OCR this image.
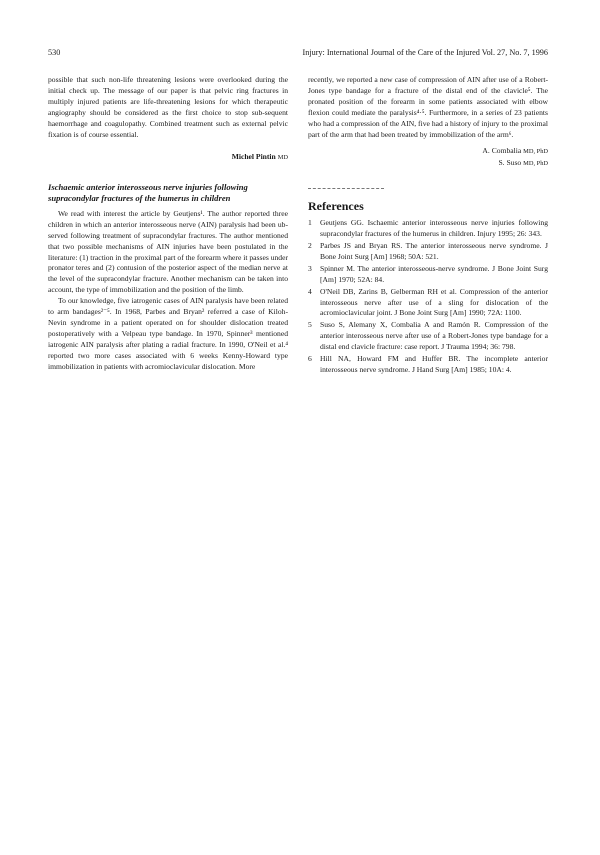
530	Injury: International Journal of the Care of the Injured Vol. 27, No. 7, 1996

possible that such non-life threatening lesions were overlooked during the initial check up. The message of our paper is that pelvic ring fractures in multiply injured patients are life-threatening lesions for which therapeutic angiography should be considered as the first choice to stop sub-sequent haemorrhage and coagulopathy. Combined treatment such as external pelvic fixation is of course essential.

Michel Pintin MD
Ischaemic anterior interosseous nerve injuries following supracondylar fractures of the humerus in children

We read with interest the article by Geutjens¹. The author reported three children in which an anterior interosseous nerve (AIN) paralysis had been ub-served following treatment of supracondylar fractures. The author mentioned that two possible mechanisms of AIN injuries have been postulated in the literature: (1) traction in the proximal part of the forearm where it passes under pronator teres and (2) contusion of the posterior aspect of the median nerve at the level of the supracondylar fracture. Another mechanism can be taken into account, the type of immobilization and the position of the limb.

To our knowledge, five iatrogenic cases of AIN paralysis have been related to arm bandages²⁻⁵. In 1968, Parbes and Bryan² referred a case of Kiloh-Nevin syndrome in a patient operated on for shoulder dislocation treated postoperatively with a Velpeau type bandage. In 1970, Spinner³ mentioned iatrogenic AIN paralysis after plating a radial fracture. In 1990, O'Neil et al.⁴ reported two more cases associated with 6 weeks Kenny-Howard type immobilization in patients with acromioclavicular dislocation. More

recently, we reported a new case of compression of AIN after use of a Robert-Jones type bandage for a fracture of the distal end of the clavicle⁵. The pronated position of the forearm in some patients associated with elbow flexion could mediate the paralysis⁴·⁵. Furthermore, in a series of 23 patients who had a compression of the AIN, five had a history of injury to the proximal part of the arm that had been treated by immobilization of the arm⁶.

A. Combalia MD, PhD
S. Suso MD, PhD
References
1 Geutjens GG. Ischaemic anterior interosseous nerve injuries following supracondylar fractures of the humerus in children. Injury 1995; 26: 343.
2 Parbes JS and Bryan RS. The anterior interosseous nerve syndrome. J Bone Joint Surg [Am] 1968; 50A: 521.
3 Spinner M. The anterior interosseous-nerve syndrome. J Bone Joint Surg [Am] 1970; 52A: 84.
4 O'Neil DB, Zarins B, Gelberman RH et al. Compression of the anterior interosseous nerve after use of a sling for dislocation of the acromioclavicular joint. J Bone Joint Surg [Am] 1990; 72A: 1100.
5 Suso S, Alemany X, Combalia A and Ramón R. Compression of the anterior interosseous nerve after use of a Robert-Jones type bandage for a distal end clavicle fracture: case report. J Trauma 1994; 36: 798.
6 Hill NA, Howard FM and Huffer BR. The incomplete anterior interosseous nerve syndrome. J Hand Surg [Am] 1985; 10A: 4.
